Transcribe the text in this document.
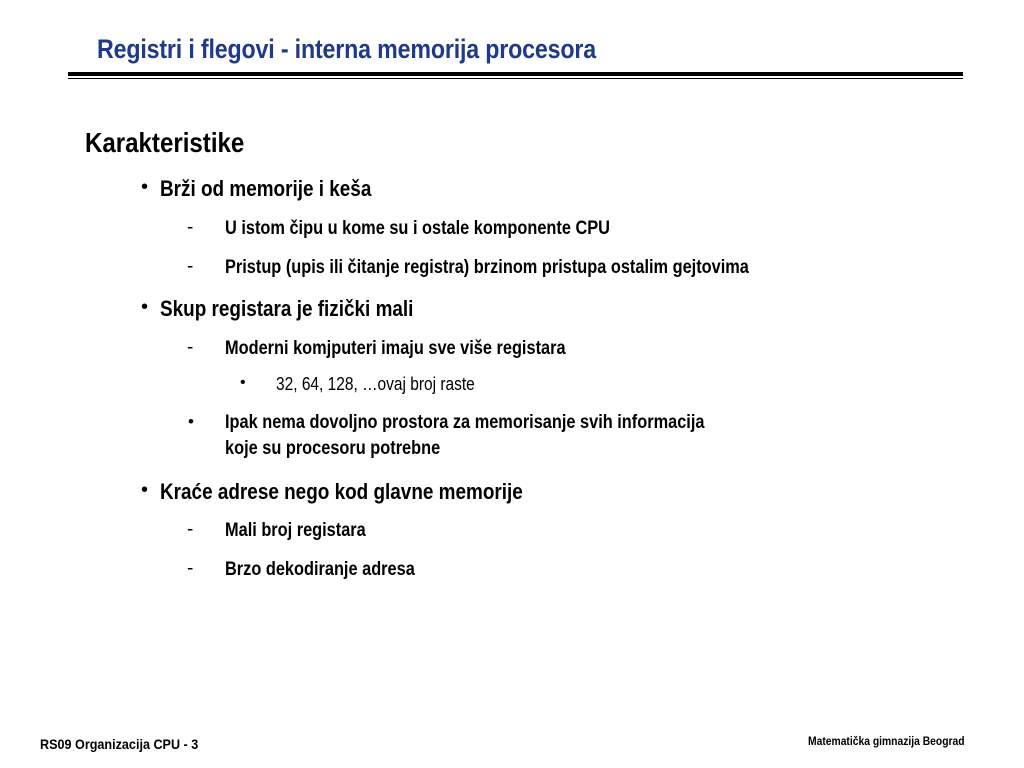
Registri i flegovi - interna memorija procesora
Karakteristike
• Brži od memorije i keša
- U istom čipu u kome su i ostale komponente CPU
- Pristup (upis ili čitanje registra) brzinom pristupa ostalim gejtovima
• Skup registara je fizički mali
- Moderni komjputeri imaju sve više registara
• 32, 64, 128, …ovaj broj raste
• Ipak nema dovoljno prostora za memorisanje svih informacija
koje su procesoru potrebne
• Kraće adrese nego kod glavne memorije
- Mali broj registara
- Brzo dekodiranje adresa
RS09 Organizacija CPU - 3	Matematička gimnazija Beograd
